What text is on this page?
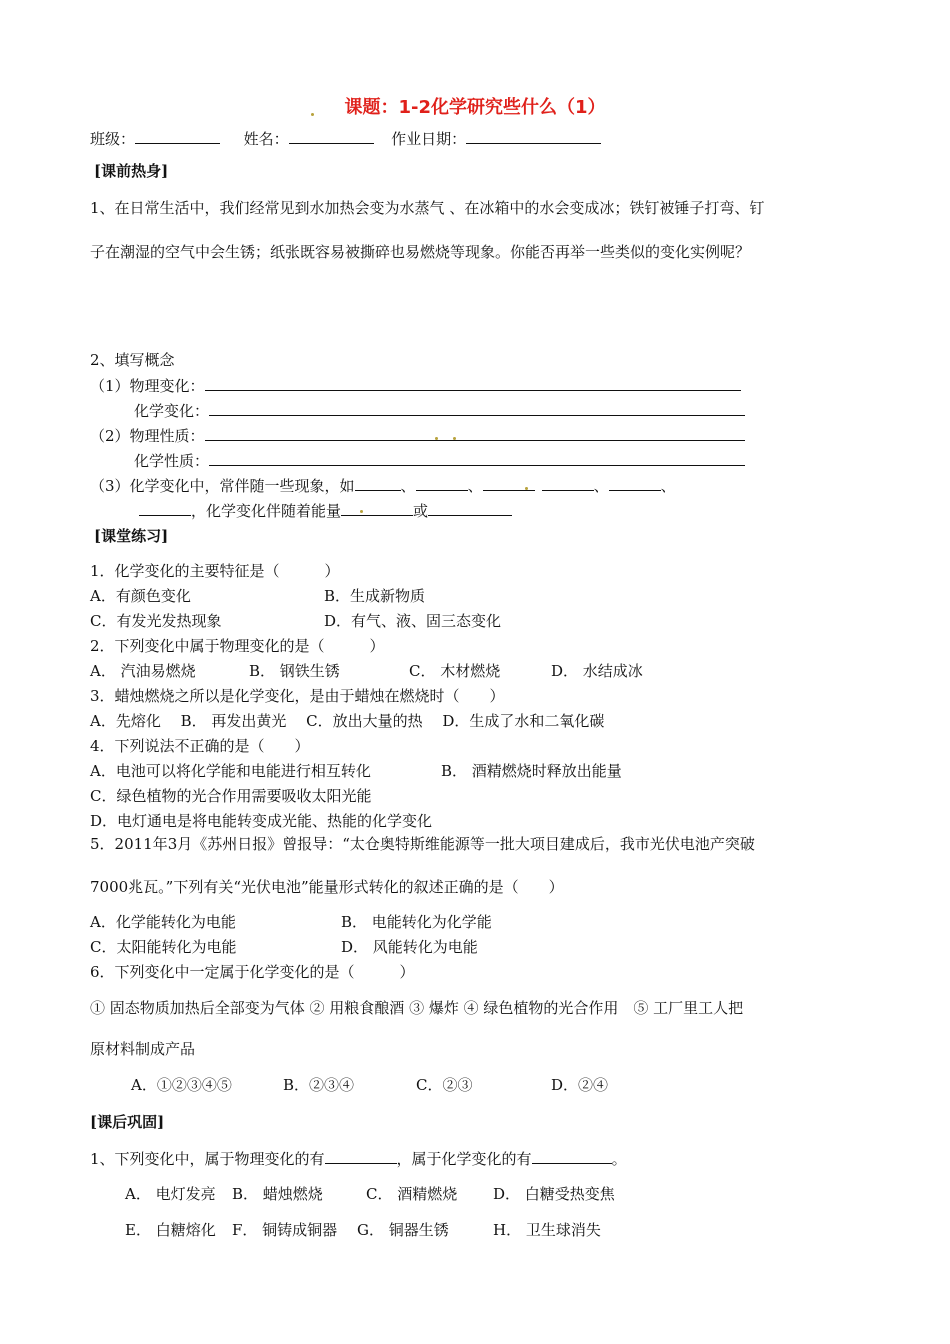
课题：1-2化学研究些什么（1）
班级：	姓名：	作业日期：
[课前热身]
1、在日常生活中，我们经常见到水加热会变为水蒸气 、在冰箱中的水会变成冰；铁钉被锤子打弯、钉
子在潮湿的空气中会生锈；纸张既容易被撕碎也易燃烧等现象。你能否再举一些类似的变化实例呢？
2、填写概念
（1）物理变化：
化学变化：
（2）物理性质：
化学性质：
（3）化学变化中，常伴随一些现象，如	、	、	、	、
，化学变化伴随着能量	或
[课堂练习]
1．化学变化的主要特征是（　　　）
A．有颜色变化	B．生成新物质
C．有发光发热现象	D．有气、液、固三态变化
2．下列变化中属于物理变化的是（　　　）
A． 汽油易燃烧	B． 钢铁生锈	C． 木材燃烧	D． 水结成冰
3．蜡烛燃烧之所以是化学变化，是由于蜡烛在燃烧时（　　）
A．先熔化　 B． 再发出黄光　 C．放出大量的热　 D．生成了水和二氧化碳
4．下列说法不正确的是（　　）
A．电池可以将化学能和电能进行相互转化	B． 酒精燃烧时释放出能量
C．绿色植物的光合作用需要吸收太阳光能
D．电灯通电是将电能转变成光能、热能的化学变化
5．2011年3月《苏州日报》曾报导：“太仓奥特斯维能源等一批大项目建成后，我市光伏电池产突破
7000兆瓦。”下列有关“光伏电池”能量形式转化的叙述正确的是（　　）
A．化学能转化为电能	B． 电能转化为化学能
C．太阳能转化为电能	D． 风能转化为电能
6．下列变化中一定属于化学变化的是（　　　）
① 固态物质加热后全部变为气体 ② 用粮食酿酒 ③ 爆炸 ④ 绿色植物的光合作用　⑤ 工厂里工人把
原材料制成产品
A．①②③④⑤	B．②③④	C．②③	D．②④
[课后巩固]
1、下列变化中，属于物理变化的有	，属于化学变化的有	。
A． 电灯发亮 B． 蜡烛燃烧	C． 酒精燃烧 D． 白糖受热变焦
E． 白糖熔化 F． 铜铸成铜器 G． 铜器生锈	H． 卫生球消失
